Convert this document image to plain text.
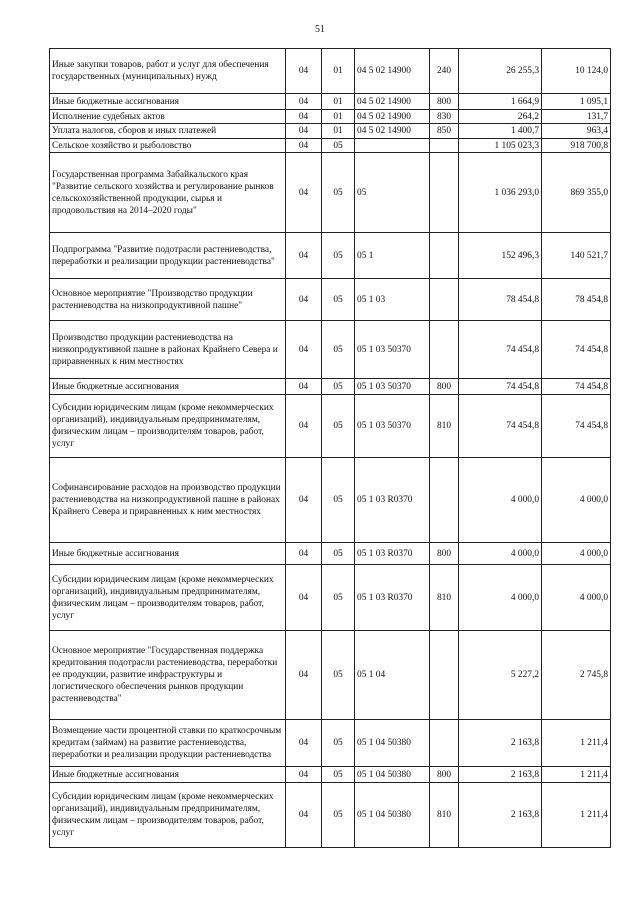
51
Иные закупки товаров, работ и услуг для обеспечения государственных (муниципальных) нужд	04	01	04 5 02 14900	240	26 255,3	10 124,0
Иные бюджетные ассигнования	04	01	04 5 02 14900	800	1 664,9	1 095,1
Исполнение судебных актов	04	01	04 5 02 14900	830	264,2	131,7
Уплата налогов, сборов и иных платежей	04	01	04 5 02 14900	850	1 400,7	963,4
Сельское хозяйство и рыболовство	04	05			1 105 023,3	918 700,8
Государственная программа Забайкальского края "Развитие сельского хозяйства и регулирование рынков сельскохозяйственной продукции, сырья и продовольствия на 2014–2020 годы"	04	05	05		1 036 293,0	869 355,0
Подпрограмма "Развитие подотрасли растениеводства, переработки и реализации продукции растениеводства"	04	05	05 1		152 496,3	140 521,7
Основное мероприятие "Производство продукции растениеводства на низкопродуктивной пашне"	04	05	05 1 03		78 454,8	78 454,8
Производство продукции растениеводства на низкопродуктивной пашне в районах Крайнего Севера и приравненных к ним местностях	04	05	05 1 03 50370		74 454,8	74 454,8
Иные бюджетные ассигнования	04	05	05 1 03 50370	800	74 454,8	74 454,8
Субсидии юридическим лицам (кроме некоммерческих организаций), индивидуальным предпринимателям, физическим лицам – производителям товаров, работ, услуг	04	05	05 1 03 50370	810	74 454,8	74 454,8
Софинансирование расходов на производство продукции растениеводства на низкопродуктивной пашне в районах Крайнего Севера и приравненных к ним местностях	04	05	05 1 03 R0370		4 000,0	4 000,0
Иные бюджетные ассигнования	04	05	05 1 03 R0370	800	4 000,0	4 000,0
Субсидии юридическим лицам (кроме некоммерческих организаций), индивидуальным предпринимателям, физическим лицам – производителям товаров, работ, услуг	04	05	05 1 03 R0370	810	4 000,0	4 000,0
Основное мероприятие "Государственная поддержка кредитования подотрасли растениеводства, переработки ее продукции, развитие инфраструктуры и логистического обеспечения рынков продукции растениеводства"	04	05	05 1 04		5 227,2	2 745,8
Возмещение части процентной ставки по краткосрочным кредитам (займам) на развитие растениеводства, переработки и реализации продукции растениеводства	04	05	05 1 04 50380		2 163,8	1 211,4
Иные бюджетные ассигнования	04	05	05 1 04 50380	800	2 163,8	1 211,4
Субсидии юридическим лицам (кроме некоммерческих организаций), индивидуальным предпринимателям, физическим лицам – производителям товаров, работ, услуг	04	05	05 1 04 50380	810	2 163,8	1 211,4
